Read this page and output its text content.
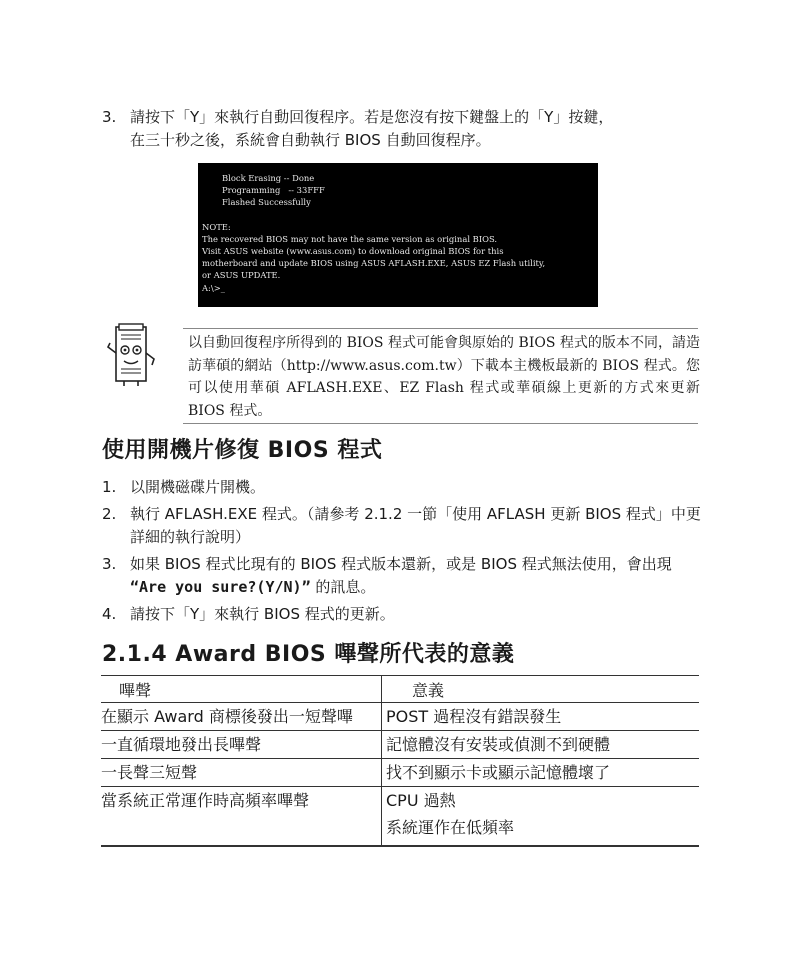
3. 請按下「Y」來執行自動回復程序。若是您沒有按下鍵盤上的「Y」按鍵，
在三十秒之後，系統會自動執行 BIOS 自動回復程序。
Block Erasing -- Done
Programming   -- 33FFF
Flashed Successfully
NOTE:
The recovered BIOS may not have the same version as original BIOS.
Visit ASUS website (www.asus.com) to download original BIOS for this
motherboard and update BIOS using ASUS AFLASH.EXE, ASUS EZ Flash utility,
or ASUS UPDATE.
A:\>_
以自動回復程序所得到的 BIOS 程式可能會與原始的 BIOS 程式的版本不同，請造訪華碩的網站（http://www.asus.com.tw）下載本主機板最新的 BIOS 程式。您可以使用華碩 AFLASH.EXE、EZ Flash 程式或華碩線上更新的方式來更新 BIOS 程式。
使用開機片修復 BIOS 程式
1. 以開機磁碟片開機。
2. 執行 AFLASH.EXE 程式。（請參考 2.1.2 一節「使用 AFLASH 更新 BIOS 程式」中更詳細的執行說明）
3. 如果 BIOS 程式比現有的 BIOS 程式版本還新，或是 BIOS 程式無法使用，會出現 “Are you sure?(Y/N)” 的訊息。
4. 請按下「Y」來執行 BIOS 程式的更新。
2.1.4 Award BIOS 嗶聲所代表的意義
嗶聲	意義
在顯示 Award 商標後發出一短聲嗶	POST 過程沒有錯誤發生
一直循環地發出長嗶聲	記憶體沒有安裝或偵測不到硬體
一長聲三短聲	找不到顯示卡或顯示記憶體壞了
當系統正常運作時高頻率嗶聲	CPU 過熱
系統運作在低頻率
